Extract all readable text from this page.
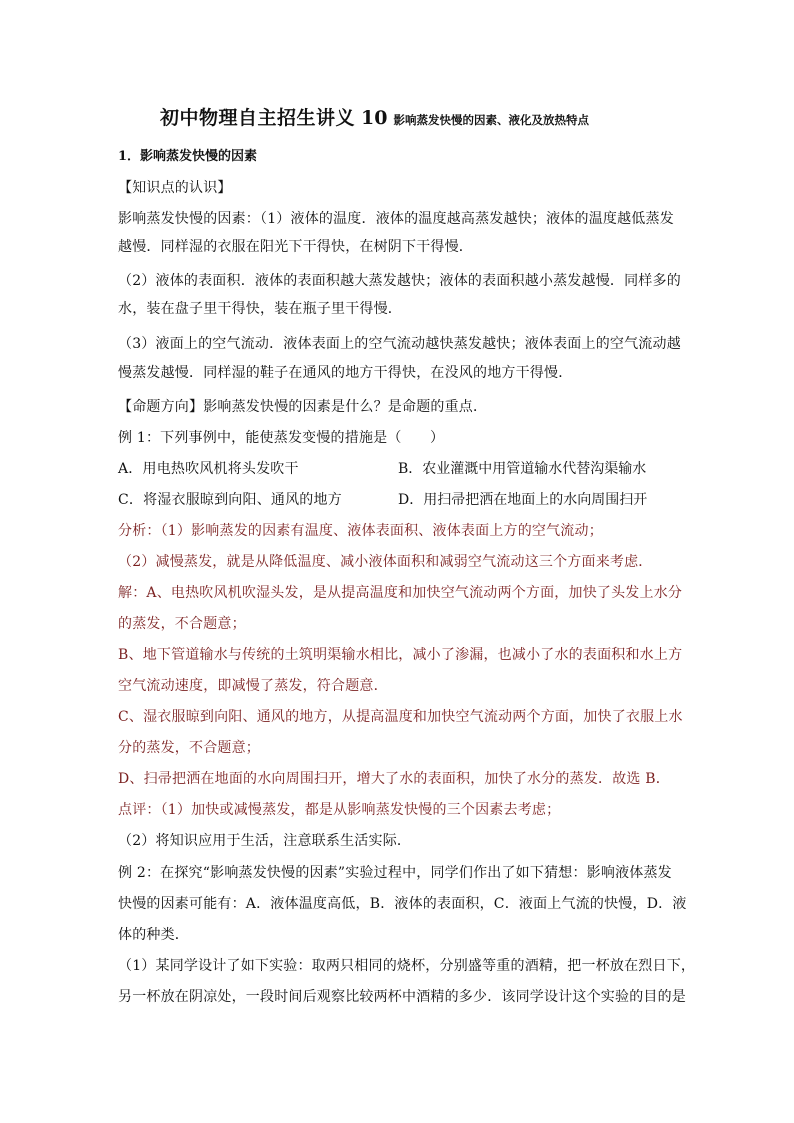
初中物理自主招生讲义 10 影响蒸发快慢的因素、液化及放热特点
1．影响蒸发快慢的因素
【知识点的认识】
影响蒸发快慢的因素：（1）液体的温度．液体的温度越高蒸发越快；液体的温度越低蒸发
越慢．同样湿的衣服在阳光下干得快，在树阴下干得慢．
（2）液体的表面积．液体的表面积越大蒸发越快；液体的表面积越小蒸发越慢．同样多的
水，装在盘子里干得快，装在瓶子里干得慢．
（3）液面上的空气流动．液体表面上的空气流动越快蒸发越快；液体表面上的空气流动越
慢蒸发越慢．同样湿的鞋子在通风的地方干得快，在没风的地方干得慢．
【命题方向】影响蒸发快慢的因素是什么？是命题的重点．
例 1：下列事例中，能使蒸发变慢的措施是（　　）
A．用电热吹风机将头发吹干	B．农业灌溉中用管道输水代替沟渠输水
C．将湿衣服晾到向阳、通风的地方	D．用扫帚把洒在地面上的水向周围扫开
分析：（1）影响蒸发的因素有温度、液体表面积、液体表面上方的空气流动；
（2）减慢蒸发，就是从降低温度、减小液体面积和减弱空气流动这三个方面来考虑．
解：A、电热吹风机吹湿头发，是从提高温度和加快空气流动两个方面，加快了头发上水分
的蒸发，不合题意；
B、地下管道输水与传统的土筑明渠输水相比，减小了渗漏，也减小了水的表面积和水上方
空气流动速度，即减慢了蒸发，符合题意．
C、湿衣服晾到向阳、通风的地方，从提高温度和加快空气流动两个方面，加快了衣服上水
分的蒸发，不合题意；
D、扫帚把洒在地面的水向周围扫开，增大了水的表面积，加快了水分的蒸发．故选 B．
点评：（1）加快或减慢蒸发，都是从影响蒸发快慢的三个因素去考虑；
（2）将知识应用于生活，注意联系生活实际．
例 2：在探究“影响蒸发快慢的因素”实验过程中，同学们作出了如下猜想：影响液体蒸发
快慢的因素可能有：A．液体温度高低，B．液体的表面积，C．液面上气流的快慢，D．液
体的种类．
（1）某同学设计了如下实验：取两只相同的烧杯，分别盛等重的酒精，把一杯放在烈日下，
另一杯放在阴凉处，一段时间后观察比较两杯中酒精的多少．该同学设计这个实验的目的是
